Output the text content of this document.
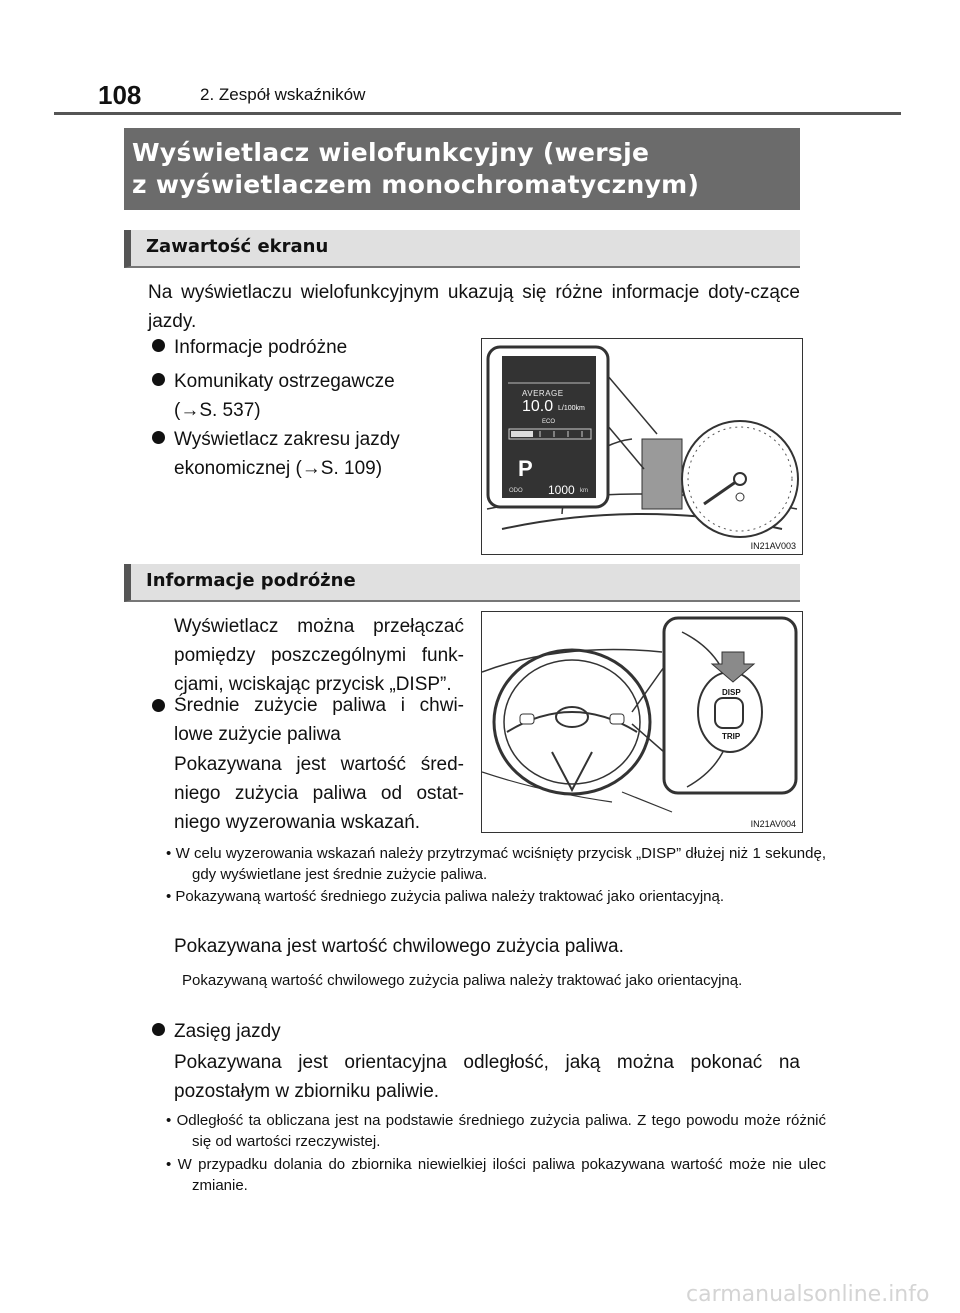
108	2. Zespół wskaźników
Wyświetlacz wielofunkcyjny (wersje
z wyświetlaczem monochromatycznym)
Zawartość ekranu
Na wyświetlaczu wielofunkcyjnym ukazują się różne informacje doty-czące jazdy.
Informacje podróżne
Komunikaty ostrzegawcze
(→S. 537)
Wyświetlacz zakresu jazdy
ekonomicznej (→S. 109)
AVERAGE
10.0 L/100km
ECO
P
ODO 1000 km
IN21AV003
Informacje podróżne
Wyświetlacz można przełączać
pomiędzy poszczególnymi funk-
cjami, wciskając przycisk „DISP”.
Średnie zużycie paliwa i chwi-
lowe zużycie paliwa
Pokazywana jest wartość śred-
niego zużycia paliwa od ostat-
niego wyzerowania wskazań.
DISP
TRIP
IN21AV004
• W celu wyzerowania wskazań należy przytrzymać wciśnięty przycisk „DISP” dłużej niż 1 sekundę, gdy wyświetlane jest średnie zużycie paliwa.
• Pokazywaną wartość średniego zużycia paliwa należy traktować jako orientacyjną.
Pokazywana jest wartość chwilowego zużycia paliwa.
Pokazywaną wartość chwilowego zużycia paliwa należy traktować jako orientacyjną.
Zasięg jazdy
Pokazywana jest orientacyjna odległość, jaką można pokonać na pozostałym w zbiorniku paliwie.
• Odległość ta obliczana jest na podstawie średniego zużycia paliwa. Z tego powodu może różnić się od wartości rzeczywistej.
• W przypadku dolania do zbiornika niewielkiej ilości paliwa pokazywana wartość może nie ulec zmianie.
carmanualsonline.info
